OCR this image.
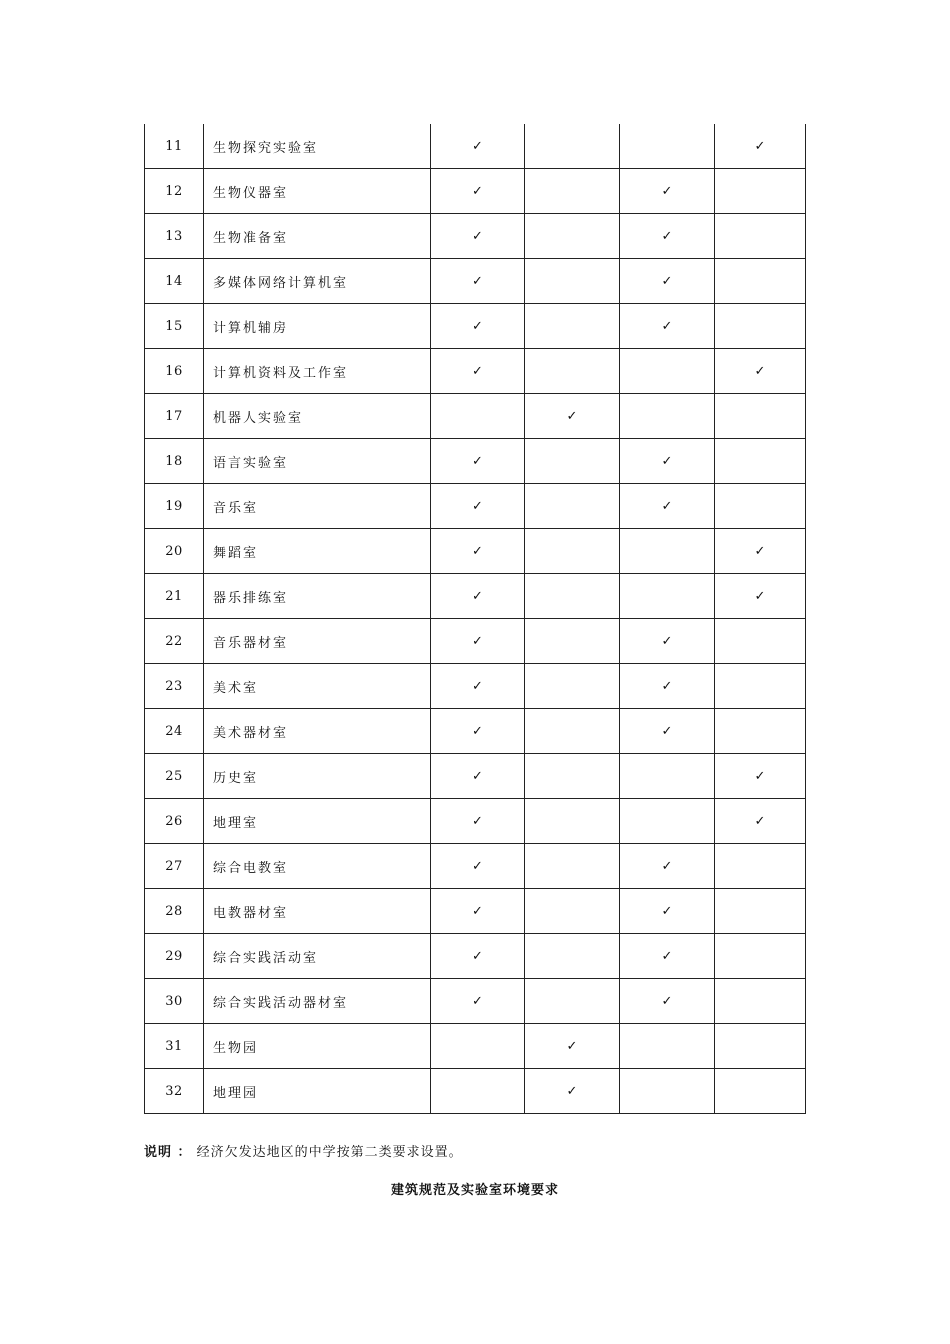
11	生物探究实验室	✓			✓
12	生物仪器室	✓		✓	
13	生物准备室	✓		✓	
14	多媒体网络计算机室	✓		✓	
15	计算机辅房	✓		✓	
16	计算机资料及工作室	✓			✓
17	机器人实验室		✓		
18	语言实验室	✓		✓	
19	音乐室	✓		✓	
20	舞蹈室	✓			✓
21	器乐排练室	✓			✓
22	音乐器材室	✓		✓	
23	美术室	✓		✓	
24	美术器材室	✓		✓	
25	历史室	✓			✓
26	地理室	✓			✓
27	综合电教室	✓		✓	
28	电教器材室	✓		✓	
29	综合实践活动室	✓		✓	
30	综合实践活动器材室	✓		✓	
31	生物园		✓		
32	地理园		✓		
说明 ： 经济欠发达地区的中学按第二类要求设置。
建筑规范及实验室环境要求
